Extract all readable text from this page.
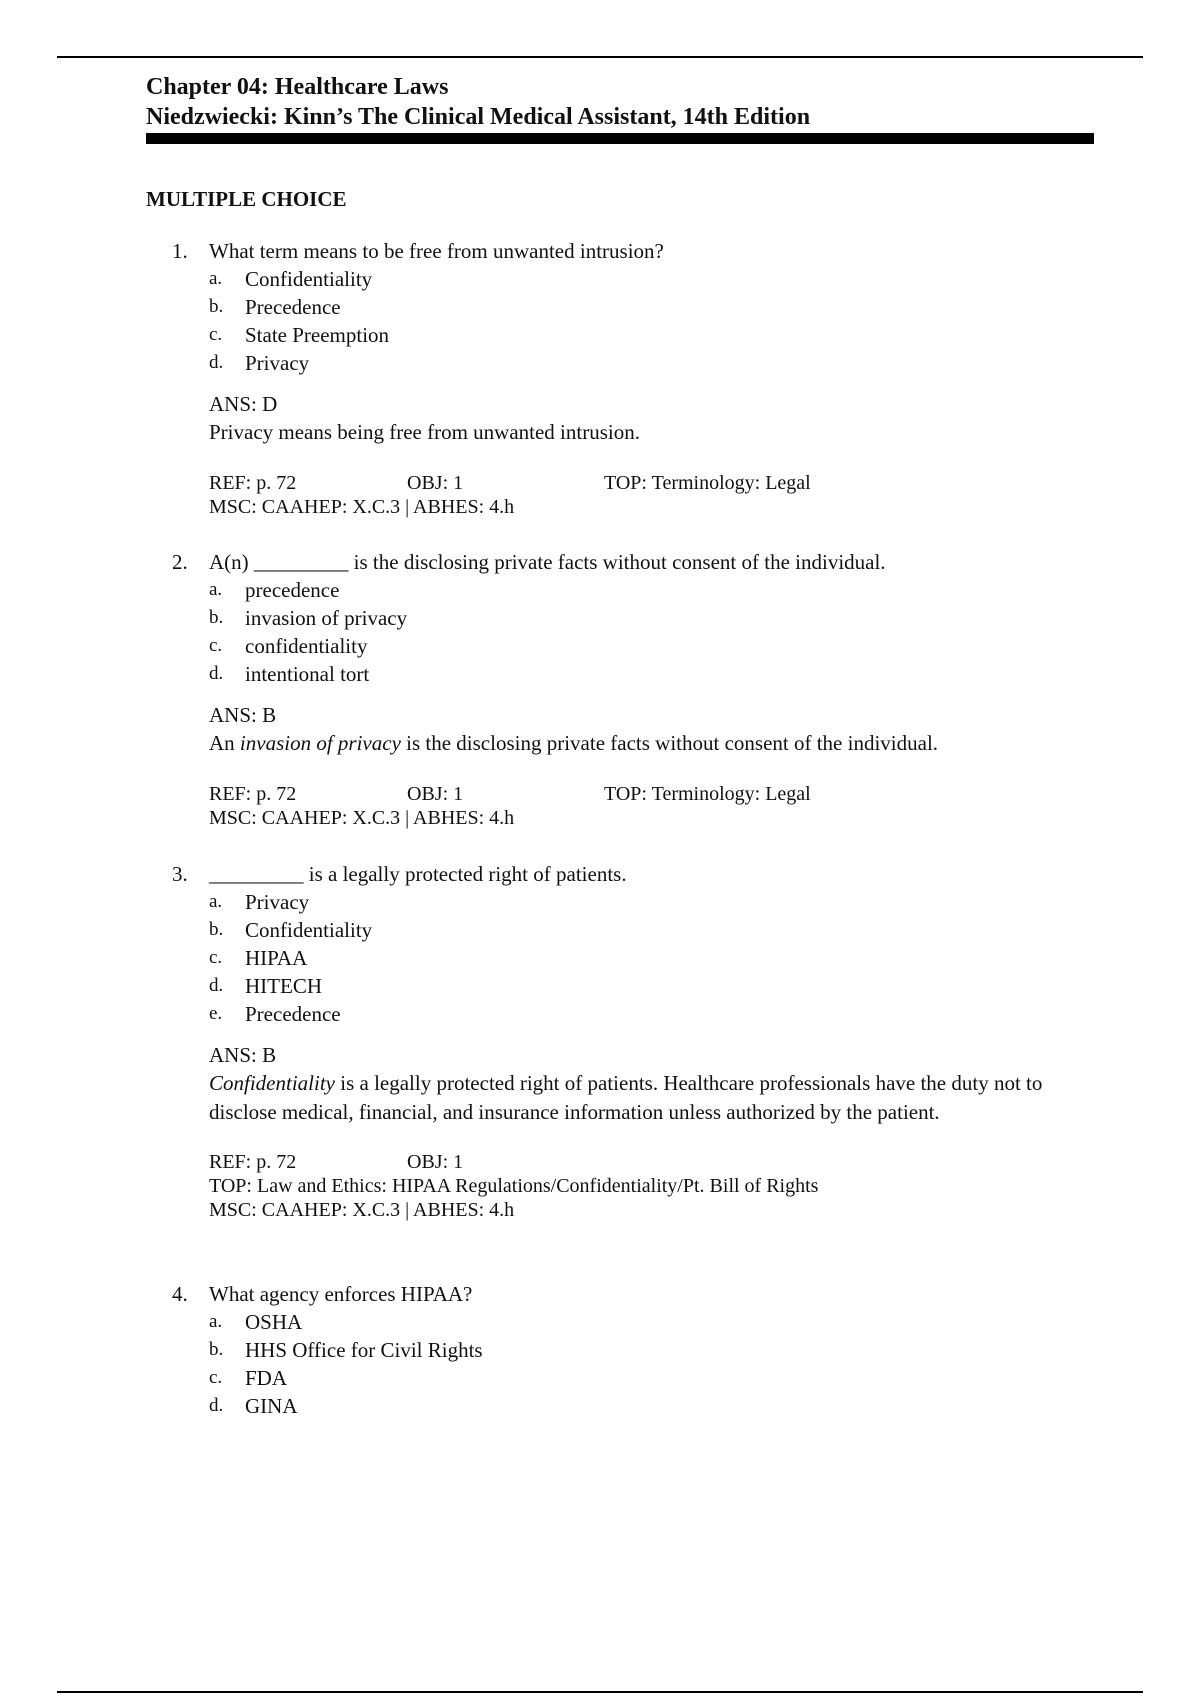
Chapter 04: Healthcare Laws
Niedzwiecki: Kinn’s The Clinical Medical Assistant, 14th Edition
MULTIPLE CHOICE
1.	What term means to be free from unwanted intrusion?
a.	Confidentiality
b.	Precedence
c.	State Preemption
d.	Privacy
ANS: D
Privacy means being free from unwanted intrusion.
REF: p. 72	OBJ: 1	TOP: Terminology: Legal
MSC: CAAHEP: X.C.3 | ABHES: 4.h
2.	A(n) _________ is the disclosing private facts without consent of the individual.
a.	precedence
b.	invasion of privacy
c.	confidentiality
d.	intentional tort
ANS: B
An invasion of privacy is the disclosing private facts without consent of the individual.
REF: p. 72	OBJ: 1	TOP: Terminology: Legal
MSC: CAAHEP: X.C.3 | ABHES: 4.h
3.	_________ is a legally protected right of patients.
a.	Privacy
b.	Confidentiality
c.	HIPAA
d.	HITECH
e.	Precedence
ANS: B
Confidentiality is a legally protected right of patients. Healthcare professionals have the duty not to disclose medical, financial, and insurance information unless authorized by the patient.
REF: p. 72	OBJ: 1
TOP: Law and Ethics: HIPAA Regulations/Confidentiality/Pt. Bill of Rights
MSC: CAAHEP: X.C.3 | ABHES: 4.h
4.	What agency enforces HIPAA?
a.	OSHA
b.	HHS Office for Civil Rights
c.	FDA
d.	GINA
